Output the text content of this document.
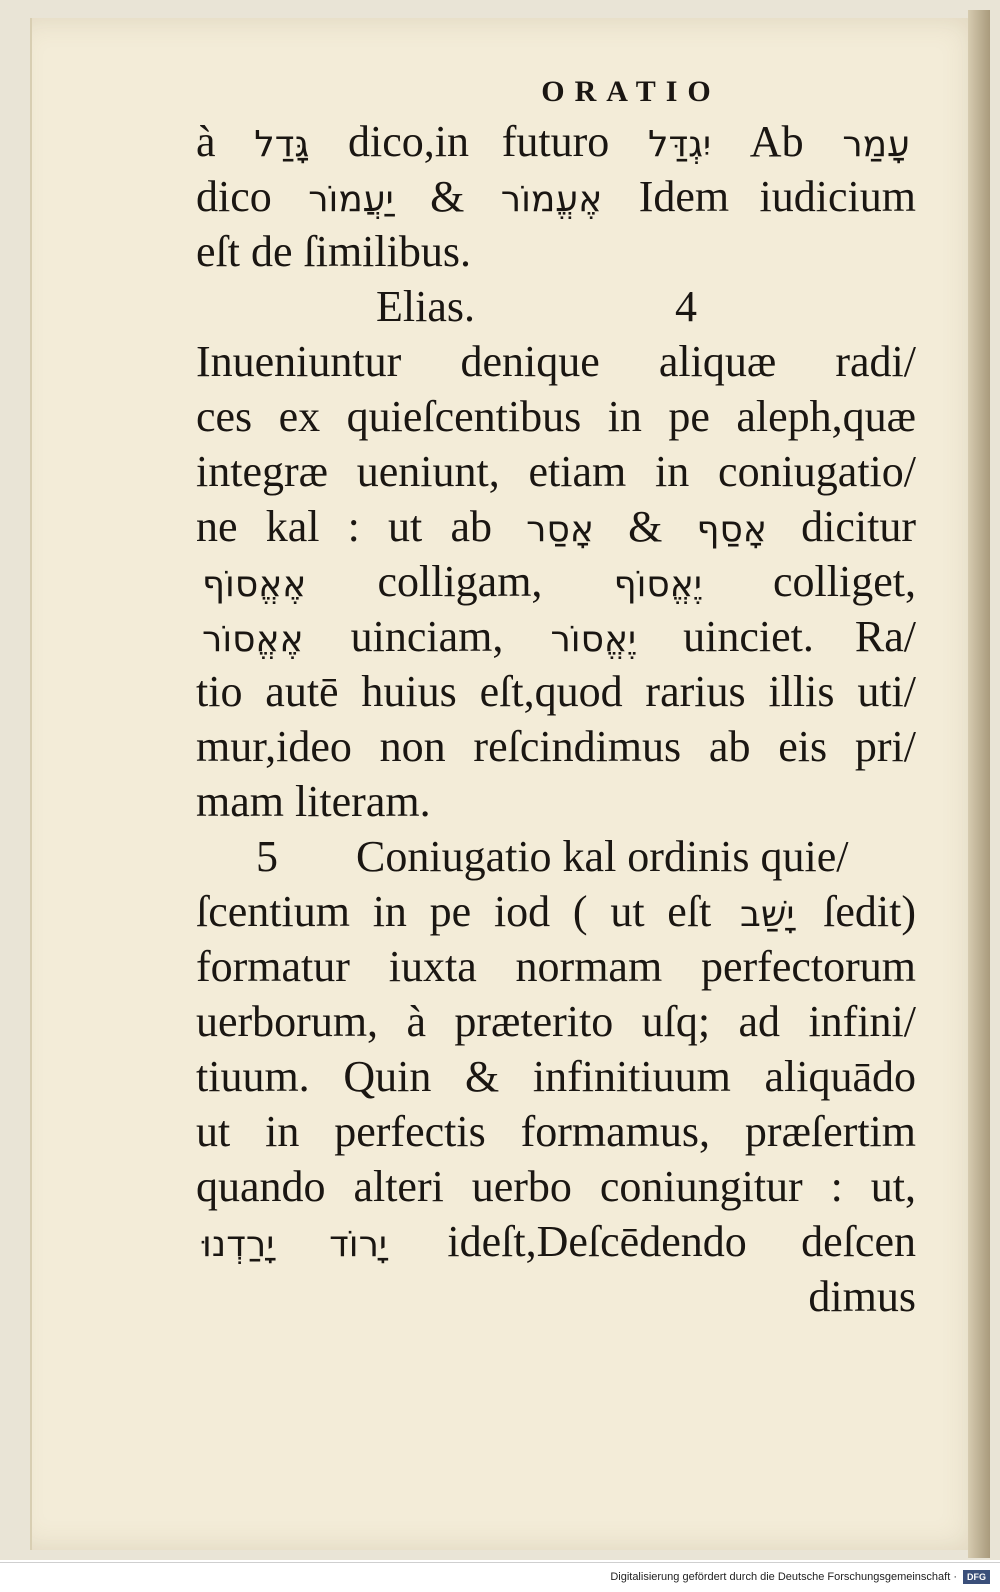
ORATIO
à גָּדַל dico,in futuro יִגְדַּל Ab עָמַר
dico	אֶעֱמוֹר & יַעֲמוֹר	Idem iudicium
eſt de ſimilibus.
Elias.	4
Inueniuntur denique aliquæ radi/
ces ex quieſcentibus in pe aleph,quæ
integræ ueniunt, etiam in coniugatio/
ne kal : ut ab	אָסַף & אָסַר	dicitur
אֶאֱסוֹף colligam, יֶאֱסוֹף colliget,
אֶאֱסוֹר uinciam, יֶאֱסוֹר uinciet. Ra/
tio autē huius eſt,quod rarius illis uti/
mur,ideo non reſcindimus ab eis pri/
mam literam.
5 Coniugatio kal ordinis quie/
ſcentium in pe iod ( ut eſt יָשַׁב ſedit)
formatur iuxta normam perfectorum
uerborum, à præterito uſq; ad infini/
tiuum. Quin & infinitiuum aliquādo
ut in perfectis formamus, præſertim
quando alteri uerbo coniungitur : ut,
יָרוֹד יָרַדְנוּ ideſt,Deſcēdendo deſcen
dimus
Digitalisierung gefördert durch die Deutsche Forschungsgemeinschaft · DFG
